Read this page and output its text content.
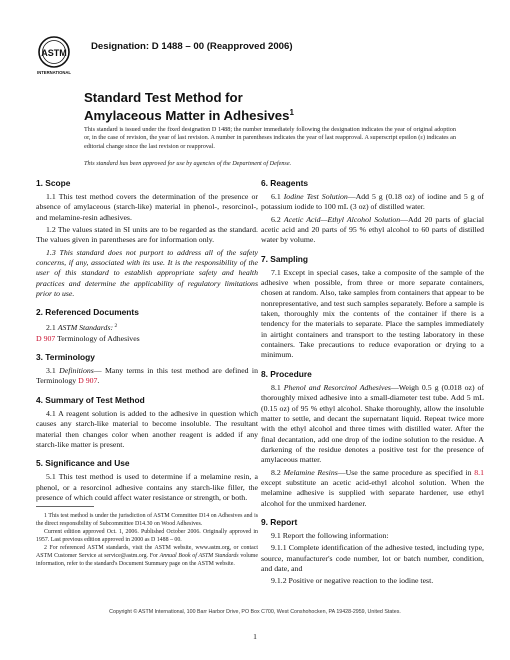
ASTM
INTERNATIONAL
Designation: D 1488 – 00 (Reapproved 2006)
Standard Test Method for
Amylaceous Matter in Adhesives$^1$
This standard is issued under the fixed designation D 1488; the number immediately following the designation indicates the year of original adoption or, in the case of revision, the year of last revision. A number in parentheses indicates the year of last reapproval. A superscript epsilon (ε) indicates an editorial change since the last revision or reapproval.
This standard has been approved for use by agencies of the Department of Defense.
1. Scope

1.1 This test method covers the determination of the presence or absence of amylaceous (starch-like) material in phenol-, resorcinol-, and melamine-resin adhesives.

1.2 The values stated in SI units are to be regarded as the standard. The values given in parentheses are for information only.

1.3 This standard does not purport to address all of the safety concerns, if any, associated with its use. It is the responsibility of the user of this standard to establish appropriate safety and health practices and determine the applicability of regulatory limitations prior to use.

2. Referenced Documents

2.1 ASTM Standards: $^2$

D 907 Terminology of Adhesives

3. Terminology

3.1 Definitions— Many terms in this test method are defined in Terminology D 907.

4. Summary of Test Method

4.1 A reagent solution is added to the adhesive in question which causes any starch-like material to become insoluble. The resultant material then changes color when another reagent is added if any starch-like matter is present.

5. Significance and Use

5.1 This test method is used to determine if a melamine resin, a phenol, or a resorcinol adhesive contains any starch-like filler, the presence of which could affect water resistance or strength, or both.

1 This test method is under the jurisdiction of ASTM Committee D14 on Adhesives and is the direct responsibility of Subcommittee D14.30 on Wood Adhesives.

Current edition approved Oct. 1, 2006. Published October 2006. Originally approved in 1957. Last previous edition approved in 2000 as D 1488 – 00.

2 For referenced ASTM standards, visit the ASTM website, www.astm.org, or contact ASTM Customer Service at service@astm.org. For Annual Book of ASTM Standards volume information, refer to the standard's Document Summary page on the ASTM website.

6. Reagents

6.1 Iodine Test Solution—Add 5 g (0.18 oz) of iodine and 5 g of potassium iodide to 100 mL (3 oz) of distilled water.

6.2 Acetic Acid—Ethyl Alcohol Solution—Add 20 parts of glacial acetic acid and 20 parts of 95 % ethyl alcohol to 60 parts of distilled water by volume.

7. Sampling

7.1 Except in special cases, take a composite of the sample of the adhesive when possible, from three or more separate containers, chosen at random. Also, take samples from containers that appear to be nonrepresentative, and test such samples separately. Before a sample is taken, thoroughly mix the contents of the container if there is a tendency for the materials to separate. Place the samples immediately in airtight containers and transport to the testing laboratory in these containers. Take precautions to reduce evaporation or drying to a minimum.

8. Procedure

8.1 Phenol and Resorcinol Adhesives—Weigh 0.5 g (0.018 oz) of thoroughly mixed adhesive into a small-diameter test tube. Add 5 mL (0.15 oz) of 95 % ethyl alcohol. Shake thoroughly, allow the insoluble matter to settle, and decant the supernatant liquid. Repeat twice more with the ethyl alcohol and three times with distilled water. After the final decantation, add one drop of the iodine solution to the residue. A darkening of the residue denotes a positive test for the presence of amylaceous matter.

8.2 Melamine Resins—Use the same procedure as specified in 8.1 except substitute an acetic acid-ethyl alcohol solution. When the melamine adhesive is supplied with separate hardener, use ethyl alcohol for the unmixed hardener.

9. Report

9.1 Report the following information:

9.1.1 Complete identification of the adhesive tested, including type, source, manufacturer's code number, lot or batch number, condition, and date, and

9.1.2 Positive or negative reaction to the iodine test.

Copyright © ASTM International, 100 Barr Harbor Drive, PO Box C700, West Conshohocken, PA 19428-2959, United States.
1
